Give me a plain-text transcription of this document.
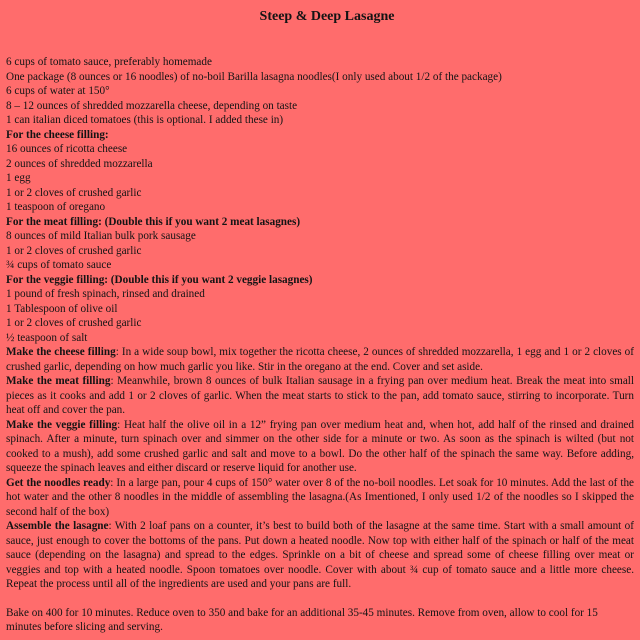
Steep & Deep Lasagne
6 cups of tomato sauce, preferably homemade
One package (8 ounces or 16 noodles) of no-boil Barilla lasagna noodles(I only used about 1/2 of the package)
6 cups of water at 150°
8 – 12 ounces of shredded mozzarella cheese, depending on taste
1 can italian diced tomatoes (this is optional. I added these in)
For the cheese filling:
16 ounces of ricotta cheese
2 ounces of shredded mozzarella
1 egg
1 or 2 cloves of crushed garlic
1 teaspoon of oregano
For the meat filling: (Double this if you want 2 meat lasagnes)
8 ounces of mild Italian bulk pork sausage
1 or 2 cloves of crushed garlic
¾ cups of tomato sauce
For the veggie filling: (Double this if you want 2 veggie lasagnes)
1 pound of fresh spinach, rinsed and drained
1 Tablespoon of olive oil
1 or 2 cloves of crushed garlic
½ teaspoon of salt
Make the cheese filling: In a wide soup bowl, mix together the ricotta cheese, 2 ounces of shredded mozzarella, 1 egg and 1 or 2 cloves of crushed garlic, depending on how much garlic you like. Stir in the oregano at the end. Cover and set aside.
Make the meat filling: Meanwhile, brown 8 ounces of bulk Italian sausage in a frying pan over medium heat. Break the meat into small pieces as it cooks and add 1 or 2 cloves of garlic. When the meat starts to stick to the pan, add tomato sauce, stirring to incorporate. Turn heat off and cover the pan.
Make the veggie filling: Heat half the olive oil in a 12” frying pan over medium heat and, when hot, add half of the rinsed and drained spinach. After a minute, turn spinach over and simmer on the other side for a minute or two. As soon as the spinach is wilted (but not cooked to a mush), add some crushed garlic and salt and move to a bowl. Do the other half of the spinach the same way. Before adding, squeeze the spinach leaves and either discard or reserve liquid for another use.
Get the noodles ready: In a large pan, pour 4 cups of 150° water over 8 of the no-boil noodles. Let soak for 10 minutes. Add the last of the hot water and the other 8 noodles in the middle of assembling the lasagna.(As Imentioned, I only used 1/2 of the noodles so I skipped the second half of the box)
Assemble the lasagne: With 2 loaf pans on a counter, it’s best to build both of the lasagne at the same time. Start with a small amount of sauce, just enough to cover the bottoms of the pans. Put down a heated noodle. Now top with either half of the spinach or half of the meat sauce (depending on the lasagna) and spread to the edges. Sprinkle on a bit of cheese and spread some of cheese filling over meat or veggies and top with a heated noodle. Spoon tomatoes over noodle. Cover with about ¾ cup of tomato sauce and a little more cheese. Repeat the process until all of the ingredients are used and your pans are full.
Bake on 400 for 10 minutes. Reduce oven to 350 and bake for an additional 35-45 minutes. Remove from oven, allow to cool for 15 minutes before slicing and serving.
